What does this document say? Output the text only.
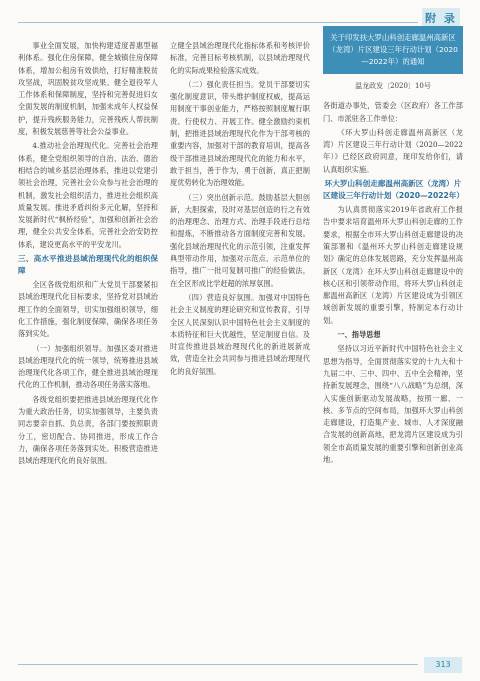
附 录

事业全面发展，加快构建适度普惠型福利体系。强化住房保障，健全城镇住房保障体系，增加公租房有效供给，打好精准脱贫攻坚战，巩固脱贫攻坚成果。健全退役军人工作体系和保障制度，坚持和完善促进妇女全面发展的制度机制，加强未成年人权益保护，提升残疾服务能力，完善残疾人帮扶制度，积极发展慈善等社会公益事业。

4.推动社会治理现代化。完善社会治理体系，健全党组织领导的自治、法治、德治相结合的城乡基层治理体系，推进以党建引领社会治理，完善社会公众参与社会治理的机制，激发社会组织活力，推进社会组织高质量发展。推进矛盾纠纷多元化解，坚持和发展新时代“枫桥经验”，加强和创新社会治理，健全公共安全体系，完善社会治安防控体系，建设更高水平的平安龙川。

三、高水平推进县域治理现代化的组织保障

全区各级党组织和广大党员干部要紧扣县域治理现代化目标要求，坚持党对县域治理工作的全面领导，切实加强组织领导，细化工作措施，强化制度保障，确保各项任务落到实处。

（一）加强组织领导。加强区委对推进县域治理现代化的统一领导，统筹推进县域治理现代化各项工作，健全推进县域治理现代化的工作机制，推动各项任务落实落地。

各级党组织要把推进县域治理现代化作为重大政治任务，切实加强领导，主要负责同志要亲自抓、负总责，各部门要按照职责分工，密切配合、协同推进，形成工作合力，确保各项任务落到实处。积极营造推进县域治理现代化的良好氛围。

立健全县域治理现代化指标体系和考核评价标准，完善目标考核机制，以县域治理现代化的实际成果检验落实成效。

（二）强化责任担当。党员干部要切实强化制度意识，带头维护制度权威，提高运用制度干事创业能力，严格按照制度履行职责、行使权力、开展工作。健全激励约束机制，把推进县域治理现代化作为干部考核的重要内容，加强对干部的教育培训，提高各级干部推进县域治理现代化的能力和水平，敢于担当，善于作为，勇于创新，真正把制度优势转化为治理效能。

（三）突出创新示范。鼓励基层大胆创新，大胆探索，及时对基层创造的行之有效的治理理念、治理方式、治理手段进行总结和提炼，不断推动各方面制度完善和发展。强化县域治理现代化的示范引领，注重发挥典型带动作用，加强对示范点、示范单位的指导，推广一批可复制可推广的经验做法，在全区形成比学赶超的浓厚氛围。

（四）营造良好氛围。加强对中国特色社会主义制度的理论研究和宣传教育，引导全区人民深刻认识中国特色社会主义制度的本质特征和巨大优越性，坚定制度自信。及时宣传推进县域治理现代化的新进展新成效，营造全社会共同参与推进县域治理现代化的良好氛围。

关于印发扶大罗山科创走廊温州高新区（龙湾）片区建设三年行动计划（2020—2022年）的通知
温龙政发〔2020〕10号

各街道办事处，管委会（区政府）各工作部门、市派驻各工作单位：

《环大罗山科创走廊温州高新区（龙湾）片区建设三年行动计划（2020—2022年）》已经区政府同意，现印发给你们，请认真组织实施。

环大罗山科创走廊温州高新区（龙湾）片区建设三年行动计划（2020—2022年）

为认真贯彻落实2019年省政府工作报告中要求培育温州环大罗山科创走廊的工作要求，根据全市环大罗山科创走廊建设的决策部署和《温州环大罗山科创走廊建设规划》确定的总体发展思路，充分发挥温州高新区（龙湾）在环大罗山科创走廊建设中的核心区和引领带动作用，将环大罗山科创走廊温州高新区（龙湾）片区建设成为引领区域创新发展的重要引擎，特制定本行动计划。

一、指导思想

坚持以习近平新时代中国特色社会主义思想为指导，全面贯彻落实党的十九大和十九届二中、三中、四中、五中全会精神，坚持新发展理念，围绕“八八战略”为总纲，深入实施创新驱动发展战略，按照一廊、一核、多节点的空间布局，加强环大罗山科创走廊建设，打造集产业、城市、人才深度融合发展的创新高地，把龙湾片区建设成为引领全市高质量发展的重要引擎和创新创业高地。

313
